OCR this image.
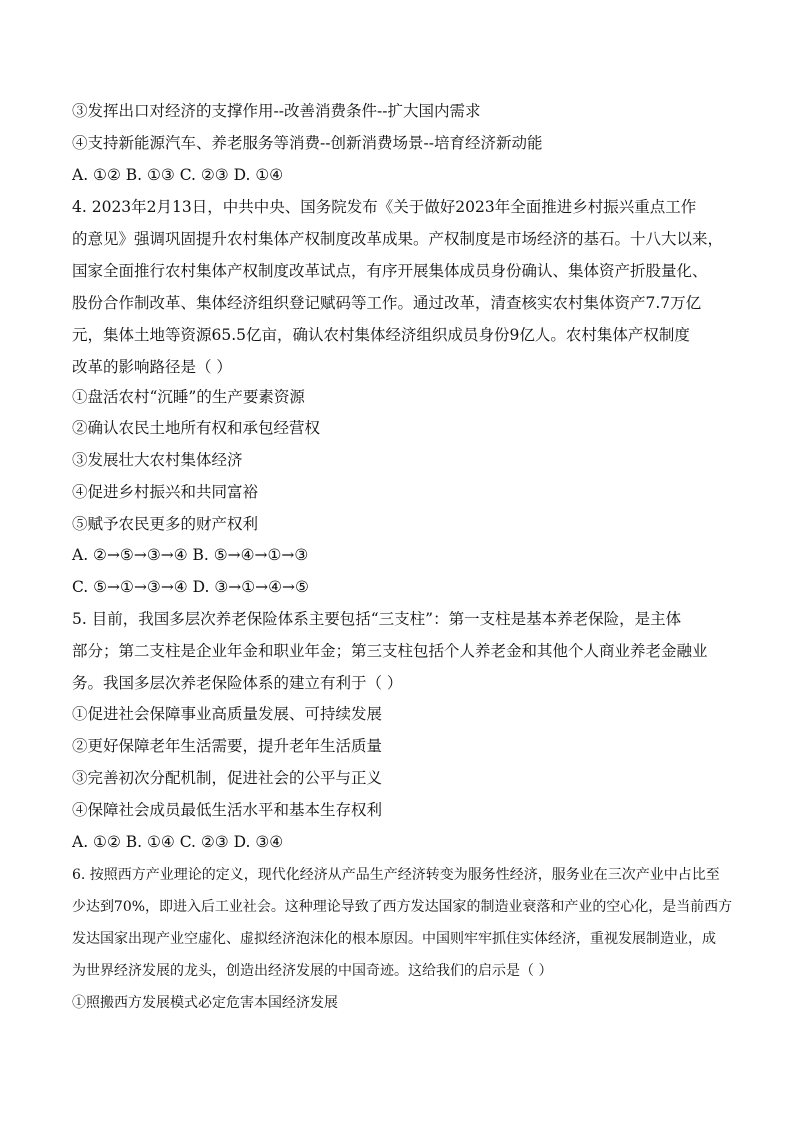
③发挥出口对经济的支撑作用--改善消费条件--扩大国内需求
④支持新能源汽车、养老服务等消费--创新消费场景--培育经济新动能
A. ①② B. ①③ C. ②③ D. ①④
4. 2023年2月13日，中共中央、国务院发布《关于做好2023年全面推进乡村振兴重点工作
的意见》强调巩固提升农村集体产权制度改革成果。产权制度是市场经济的基石。十八大以来，
国家全面推行农村集体产权制度改革试点，有序开展集体成员身份确认、集体资产折股量化、
股份合作制改革、集体经济组织登记赋码等工作。通过改革，清查核实农村集体资产7.7万亿
元，集体土地等资源65.5亿亩，确认农村集体经济组织成员身份9亿人。农村集体产权制度
改革的影响路径是（ ）
①盘活农村“沉睡”的生产要素资源
②确认农民土地所有权和承包经营权
③发展壮大农村集体经济
④促进乡村振兴和共同富裕
⑤赋予农民更多的财产权利
A. ②→⑤→③→④ B. ⑤→④→①→③
C. ⑤→①→③→④ D. ③→①→④→⑤
5. 目前，我国多层次养老保险体系主要包括“三支柱”：第一支柱是基本养老保险，是主体
部分；第二支柱是企业年金和职业年金；第三支柱包括个人养老金和其他个人商业养老金融业
务。我国多层次养老保险体系的建立有利于（ ）
①促进社会保障事业高质量发展、可持续发展
②更好保障老年生活需要，提升老年生活质量
③完善初次分配机制，促进社会的公平与正义
④保障社会成员最低生活水平和基本生存权利
A. ①② B. ①④ C. ②③ D. ③④
6. 按照西方产业理论的定义，现代化经济从产品生产经济转变为服务性经济，服务业在三次产业中占比至
少达到70%，即进入后工业社会。这种理论导致了西方发达国家的制造业衰落和产业的空心化，是当前西方
发达国家出现产业空虚化、虚拟经济泡沫化的根本原因。中国则牢牢抓住实体经济，重视发展制造业，成
为世界经济发展的龙头，创造出经济发展的中国奇迹。这给我们的启示是（ ）
①照搬西方发展模式必定危害本国经济发展
